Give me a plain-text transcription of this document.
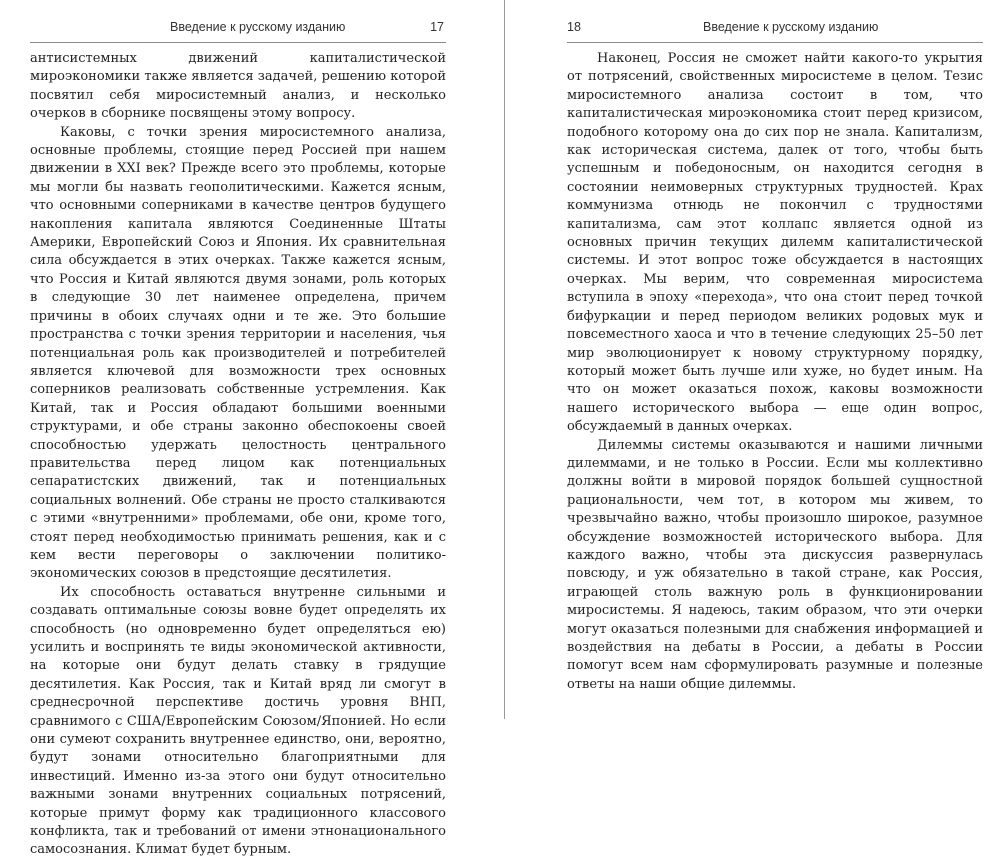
Введение к русскому изданию	17

антисистемных движений капиталистической мироэкономики также является задачей, решению которой посвятил себя миросистемный анализ, и несколько очерков в сборнике посвящены этому вопросу.

Каковы, с точки зрения миросистемного анализа, основные проблемы, стоящие перед Россией при нашем движении в XXI век? Прежде всего это проблемы, которые мы могли бы назвать геополитическими. Кажется ясным, что основными соперниками в качестве центров будущего накопления капитала являются Соединенные Штаты Америки, Европейский Союз и Япония. Их сравнительная сила обсуждается в этих очерках. Также кажется ясным, что Россия и Китай являются двумя зонами, роль которых в следующие 30 лет наименее определена, причем причины в обоих случаях одни и те же. Это большие пространства с точки зрения территории и населения, чья потенциальная роль как производителей и потребителей является ключевой для возможности трех основных соперников реализовать собственные устремления. Как Китай, так и Россия обладают большими военными структурами, и обе страны законно обеспокоены своей способностью удержать целостность центрального правительства перед лицом как потенциальных сепаратистских движений, так и потенциальных социальных волнений. Обе страны не просто сталкиваются с этими «внутренними» проблемами, обе они, кроме того, стоят перед необходимостью принимать решения, как и с кем вести переговоры о заключении политико-экономических союзов в предстоящие десятилетия.

Их способность оставаться внутренне сильными и создавать оптимальные союзы вовне будет определять их способность (но одновременно будет определяться ею) усилить и воспринять те виды экономической активности, на которые они будут делать ставку в грядущие десятилетия. Как Россия, так и Китай вряд ли смогут в среднесрочной перспективе достичь уровня ВНП, сравнимого с США/Европейским Союзом/Японией. Но если они сумеют сохранить внутреннее единство, они, вероятно, будут зонами относительно благоприятными для инвестиций. Именно из-за этого они будут относительно важными зонами внутренних социальных потрясений, которые примут форму как традиционного классового конфликта, так и требований от имени этнонационального самосознания. Климат будет бурным.

18	Введение к русскому изданию

Наконец, Россия не сможет найти какого-то укрытия от потрясений, свойственных миросистеме в целом. Тезис миросистемного анализа состоит в том, что капиталистическая мироэкономика стоит перед кризисом, подобного которому она до сих пор не знала. Капитализм, как историческая система, далек от того, чтобы быть успешным и победоносным, он находится сегодня в состоянии неимоверных структурных трудностей. Крах коммунизма отнюдь не покончил с трудностями капитализма, сам этот коллапс является одной из основных причин текущих дилемм капиталистической системы. И этот вопрос тоже обсуждается в настоящих очерках. Мы верим, что современная миросистема вступила в эпоху «перехода», что она стоит перед точкой бифуркации и перед периодом великих родовых мук и повсеместного хаоса и что в течение следующих 25–50 лет мир эволюционирует к новому структурному порядку, который может быть лучше или хуже, но будет иным. На что он может оказаться похож, каковы возможности нашего исторического выбора — еще один вопрос, обсуждаемый в данных очерках.

Дилеммы системы оказываются и нашими личными дилеммами, и не только в России. Если мы коллективно должны войти в мировой порядок большей сущностной рациональности, чем тот, в котором мы живем, то чрезвычайно важно, чтобы произошло широкое, разумное обсуждение возможностей исторического выбора. Для каждого важно, чтобы эта дискуссия развернулась повсюду, и уж обязательно в такой стране, как Россия, играющей столь важную роль в функционировании миросистемы. Я надеюсь, таким образом, что эти очерки могут оказаться полезными для снабжения информацией и воздействия на дебаты в России, а дебаты в России помогут всем нам сформулировать разумные и полезные ответы на наши общие дилеммы.
